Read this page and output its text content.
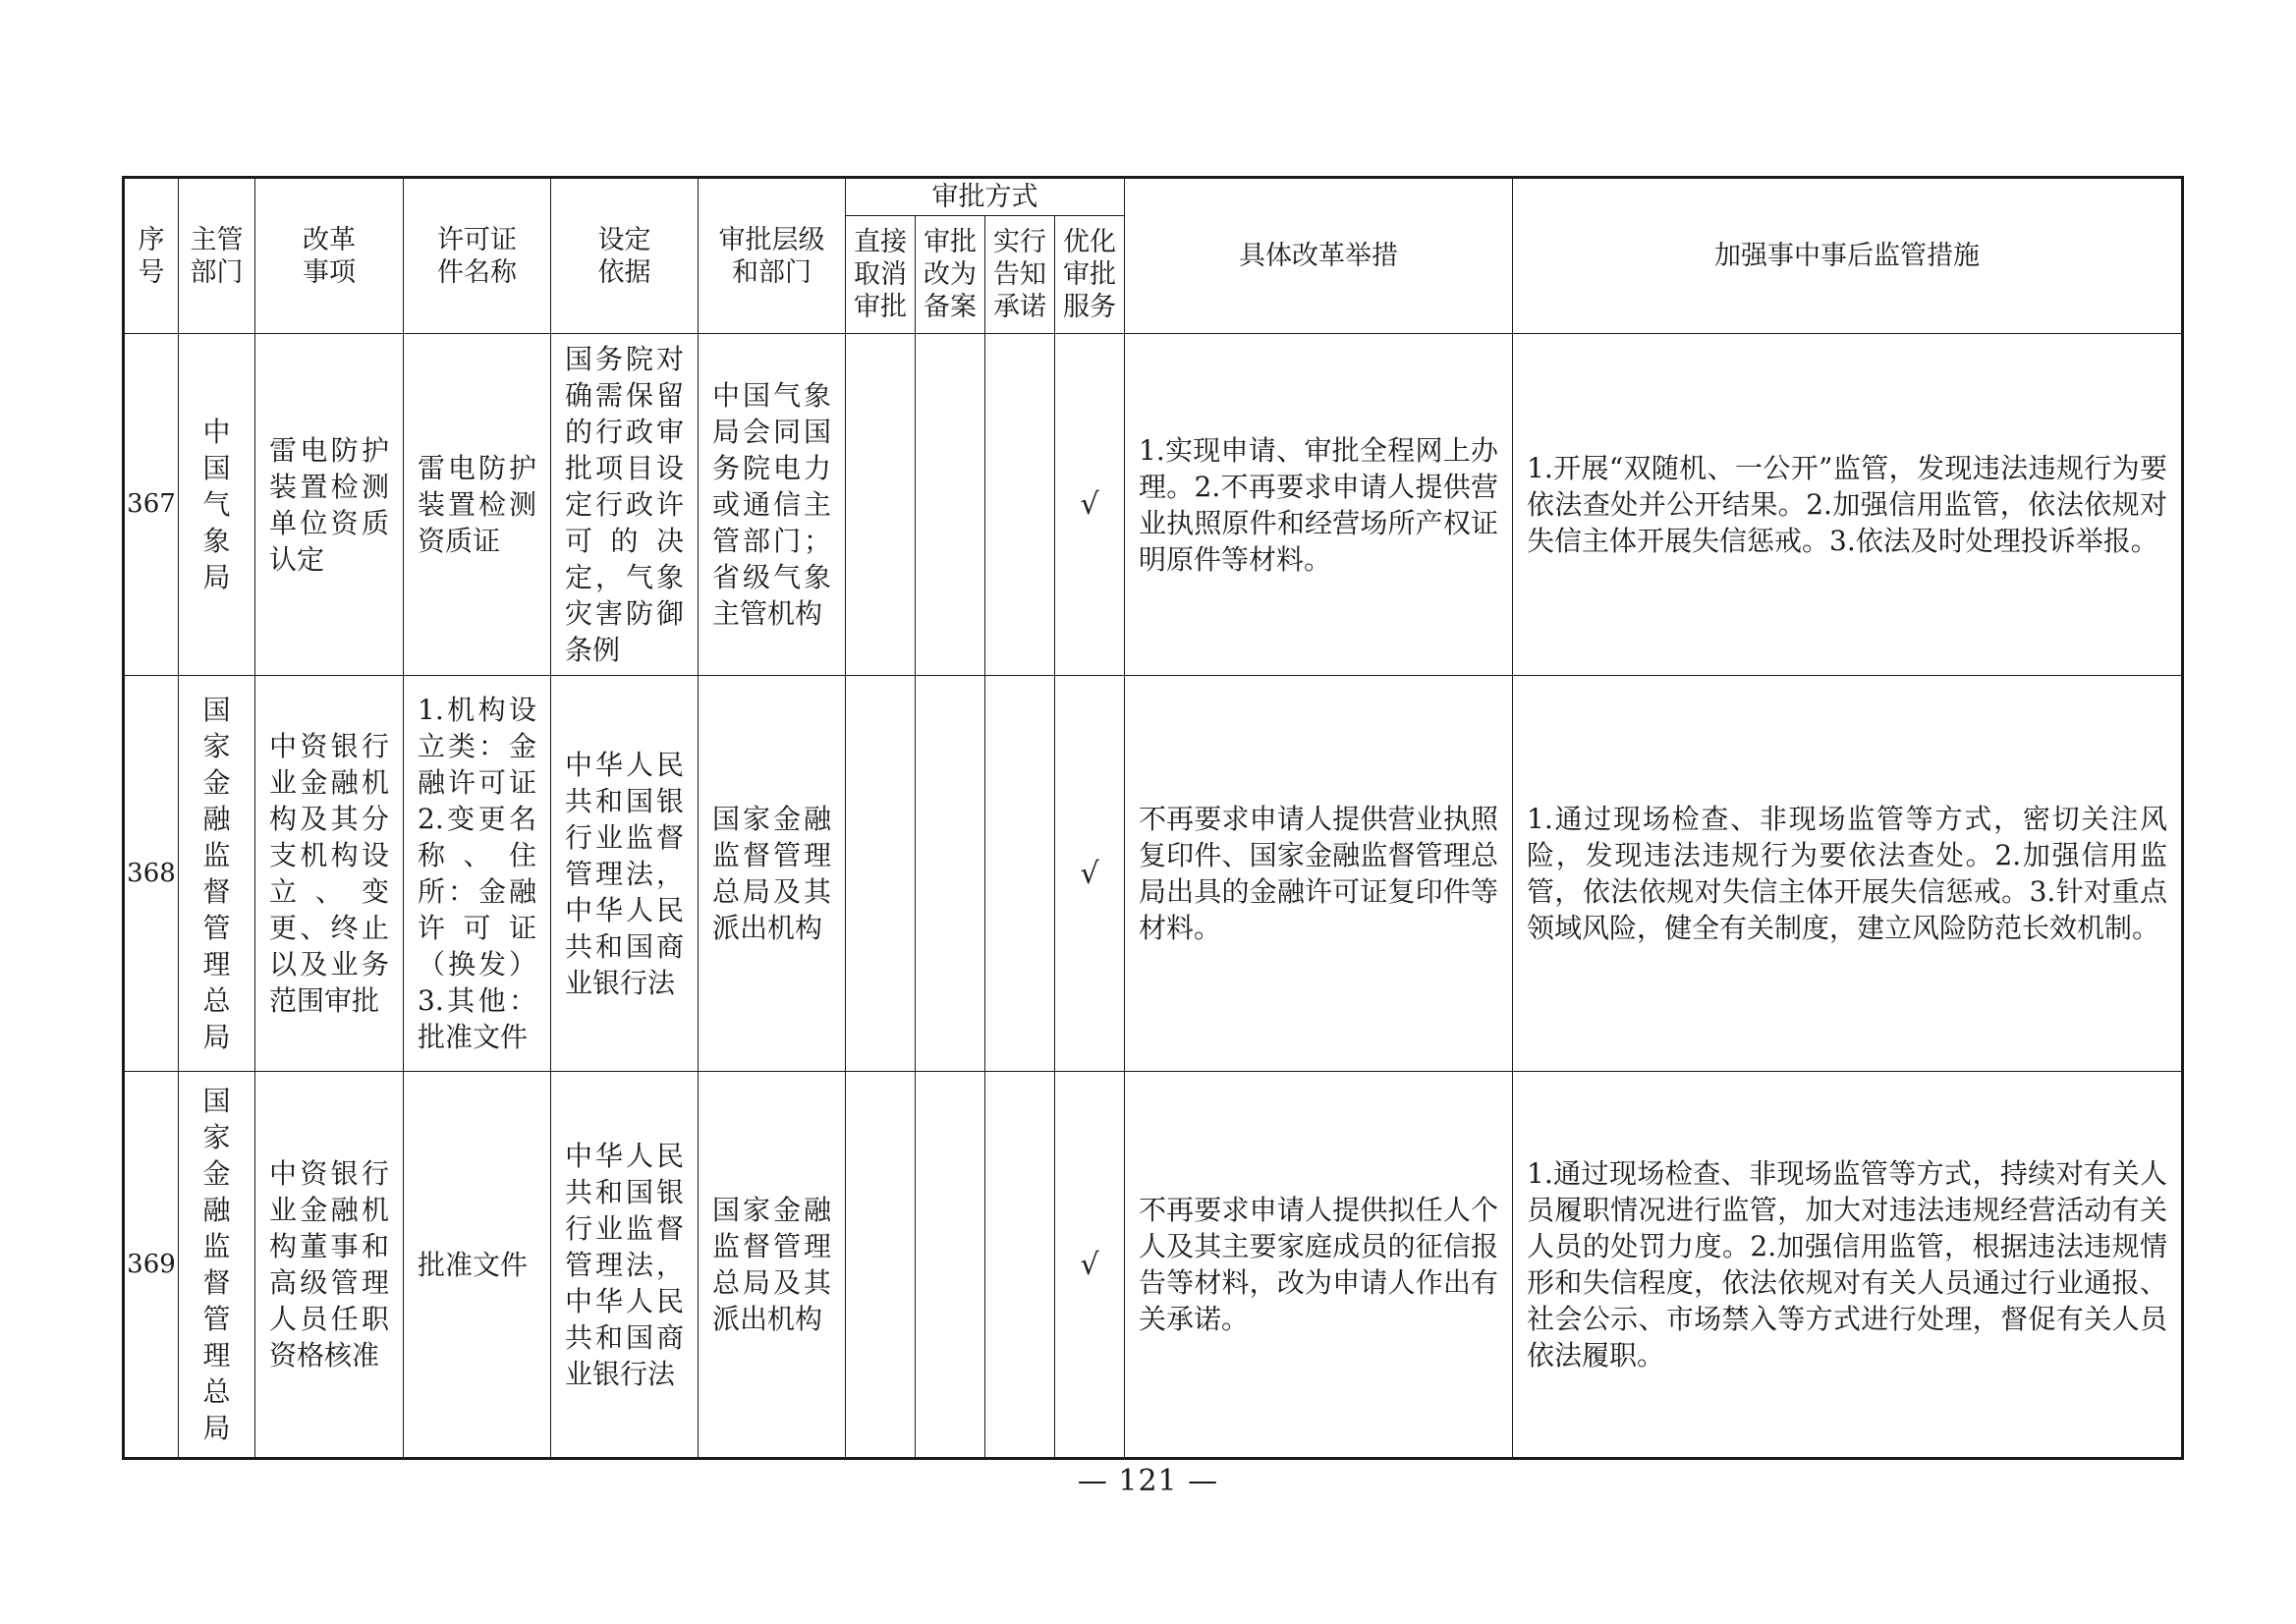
序号	主管部门	改革事项	许可证件名称	设定依据	审批层级和部门	审批方式				具体改革举措	加强事中事后监管措施

						直接取消审批	审批改为备案	实行告知承诺	优化审批服务		

367	中国气象局	雷电防护装置检测单位资质认定	雷电防护装置检测资质证	国务院对确需保留的行政审批项目设定行政许可的决定，气象灾害防御条例	中国气象局会同国务院电力或通信主管部门；省级气象主管机构				√	1.实现申请、审批全程网上办理。2.不再要求申请人提供营业执照原件和经营场所产权证明原件等材料。	1.开展“双随机、一公开”监管，发现违法违规行为要依法查处并公开结果。2.加强信用监管，依法依规对失信主体开展失信惩戒。3.依法及时处理投诉举报。

368	国家金融监督管理总局	中资银行业金融机构及其分支机构设立、变更、终止以及业务范围审批	1.机构设立类：金融许可证2.变更名称、住所：金融许可证（换发）3.其他：批准文件	中华人民共和国银行业监督管理法，中华人民共和国商业银行法	国家金融监督管理总局及其派出机构				√	不再要求申请人提供营业执照复印件、国家金融监督管理总局出具的金融许可证复印件等材料。	1.通过现场检查、非现场监管等方式，密切关注风险，发现违法违规行为要依法查处。2.加强信用监管，依法依规对失信主体开展失信惩戒。3.针对重点领域风险，健全有关制度，建立风险防范长效机制。

369	国家金融监督管理总局	中资银行业金融机构董事和高级管理人员任职资格核准	批准文件	中华人民共和国银行业监督管理法，中华人民共和国商业银行法	国家金融监督管理总局及其派出机构				√	不再要求申请人提供拟任人个人及其主要家庭成员的征信报告等材料，改为申请人作出有关承诺。	1.通过现场检查、非现场监管等方式，持续对有关人员履职情况进行监管，加大对违法违规经营活动有关人员的处罚力度。2.加强信用监管，根据违法违规情形和失信程度，依法依规对有关人员通过行业通报、社会公示、市场禁入等方式进行处理，督促有关人员依法履职。
— 121 —
